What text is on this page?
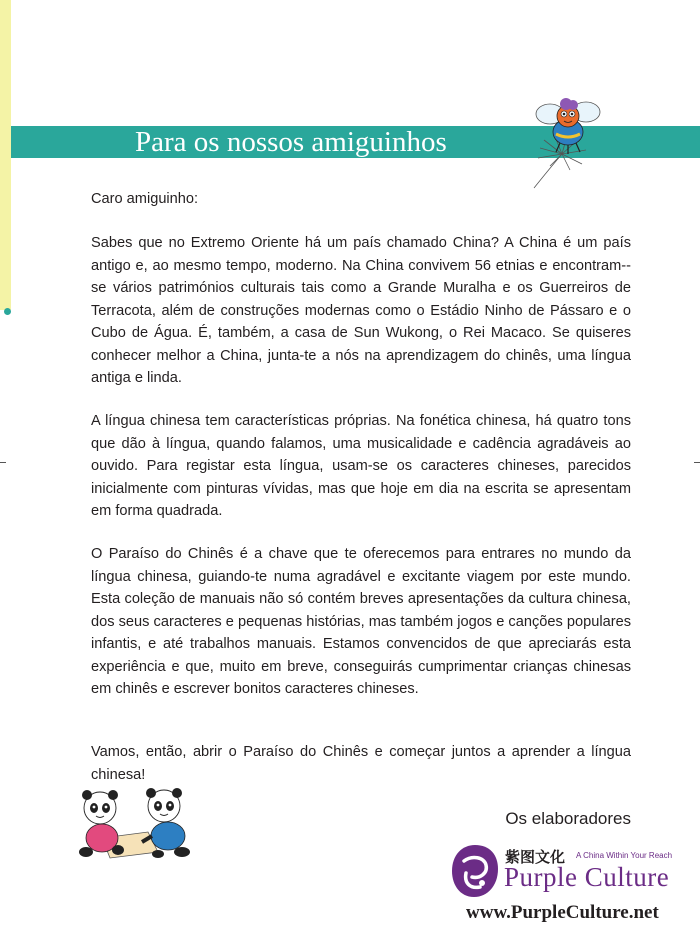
Para os nossos amiguinhos

Caro amiguinho:

Sabes que no Extremo Oriente há um país chamado China? A China é um país antigo e, ao mesmo tempo, moderno. Na China convivem 56 etnias e encontram--se vários patrimónios culturais tais como a Grande Muralha e os Guerreiros de Terracota, além de construções modernas como o Estádio Ninho de Pássaro e o Cubo de Água. É, também, a casa de Sun Wukong, o Rei Macaco. Se quiseres conhecer melhor a China, junta-te a nós na aprendizagem do chinês, uma língua antiga e linda.

A língua chinesa tem características próprias. Na fonética chinesa, há quatro tons que dão à língua, quando falamos, uma musicalidade e cadência agradáveis ao ouvido. Para registar esta língua, usam-se os caracteres chineses, parecidos inicialmente com pinturas vívidas, mas que hoje em dia na escrita se apresentam em forma quadrada.

O Paraíso do Chinês é a chave que te oferecemos para entrares no mundo da língua chinesa, guiando-te numa agradável e excitante viagem por este mundo. Esta coleção de manuais não só contém breves apresentações da cultura chinesa, dos seus caracteres e pequenas histórias, mas também jogos e canções populares infantis, e até trabalhos manuais. Estamos convencidos de que apreciarás esta experiência e que, muito em breve, conseguirás cumprimentar crianças chinesas em chinês e escrever bonitos caracteres chineses.

Vamos, então, abrir o Paraíso do Chinês e começar juntos a aprender a língua chinesa!

Os elaboradores
紫图文化 A China Within Your Reach
Purple Culture
www.PurpleCulture.net
